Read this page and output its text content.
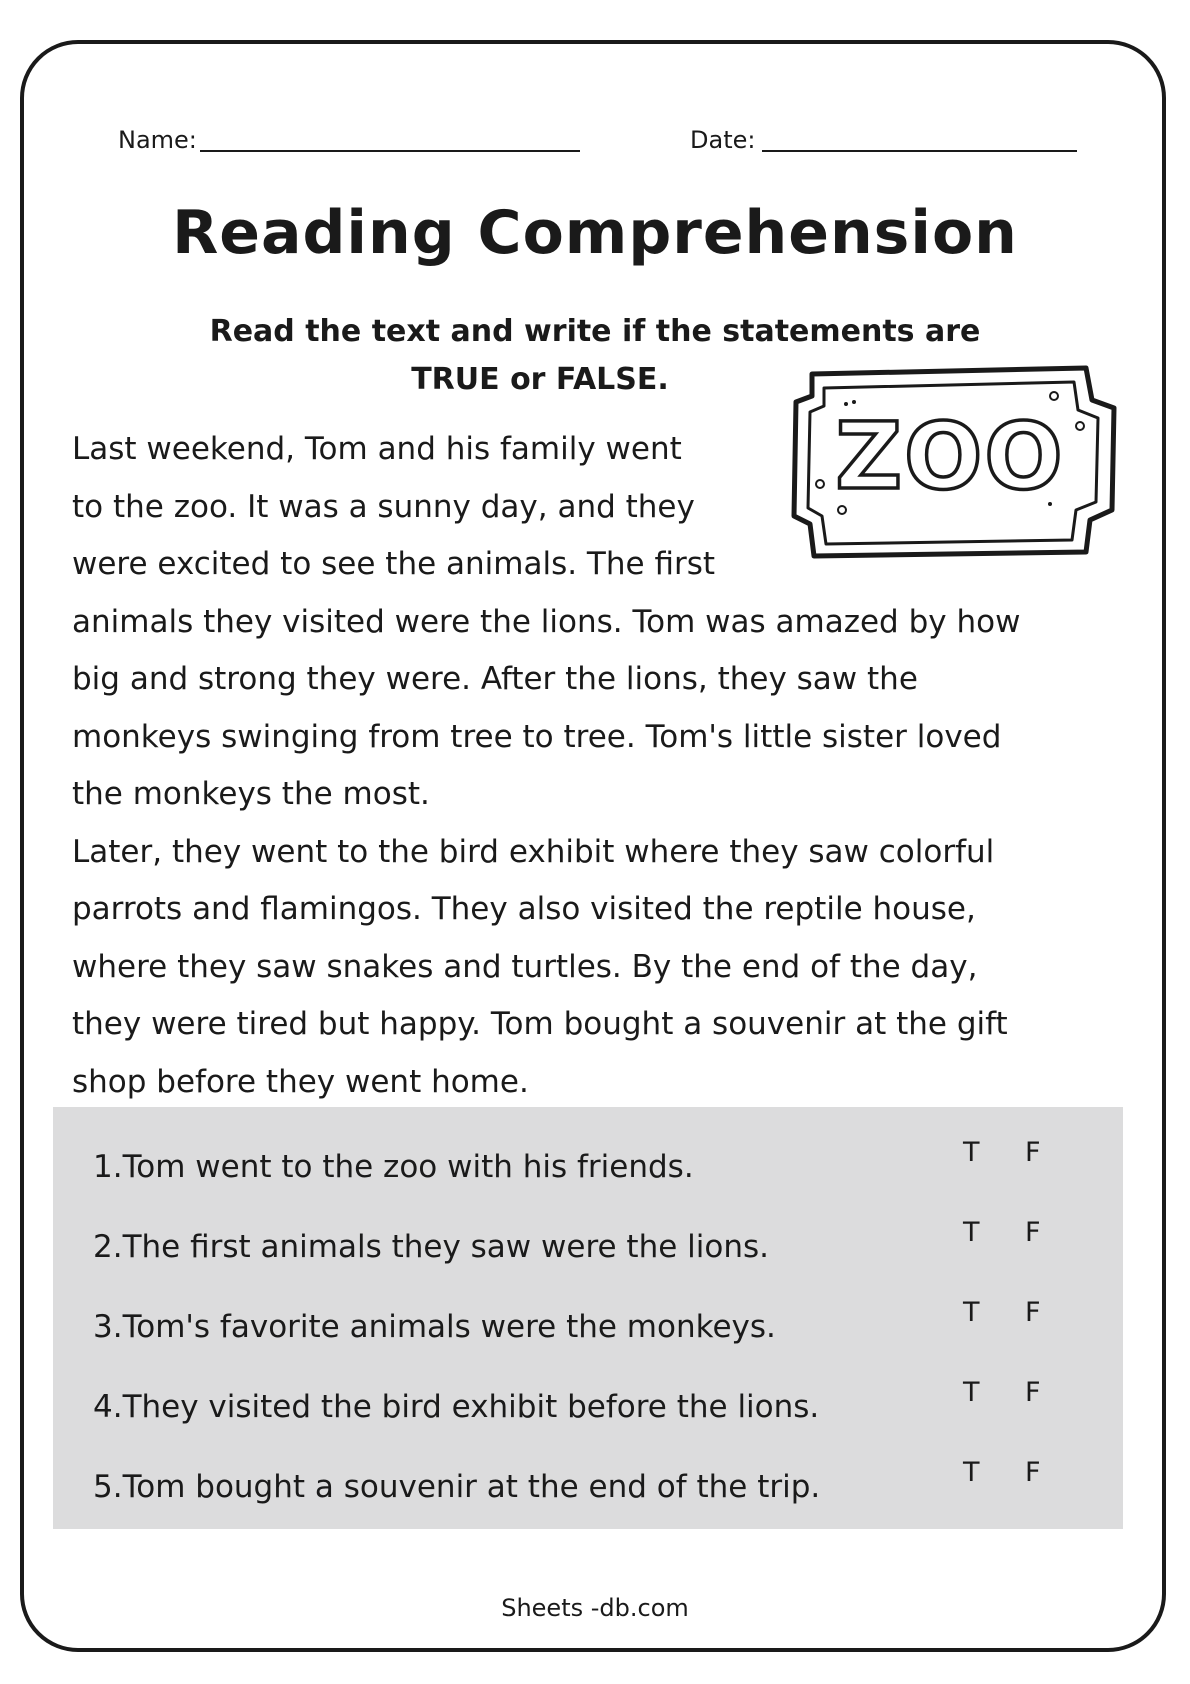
Name:	Date:
Reading Comprehension
Read the text and write if the statements are
TRUE or FALSE.
ZOO
Last weekend, Tom and his family went
to the zoo. It was a sunny day, and they
were excited to see the animals. The first
animals they visited were the lions. Tom was amazed by how
big and strong they were. After the lions, they saw the
monkeys swinging from tree to tree. Tom's little sister loved
the monkeys the most.
Later, they went to the bird exhibit where they saw colorful
parrots and flamingos. They also visited the reptile house,
where they saw snakes and turtles. By the end of the day,
they were tired but happy. Tom bought a souvenir at the gift
shop before they went home.
1.Tom went to the zoo with his friends.	T F
2.The first animals they saw were the lions.	T F
3.Tom's favorite animals were the monkeys.	T F
4.They visited the bird exhibit before the lions.	T F
5.Tom bought a souvenir at the end of the trip.	T F
Sheets -db.com
